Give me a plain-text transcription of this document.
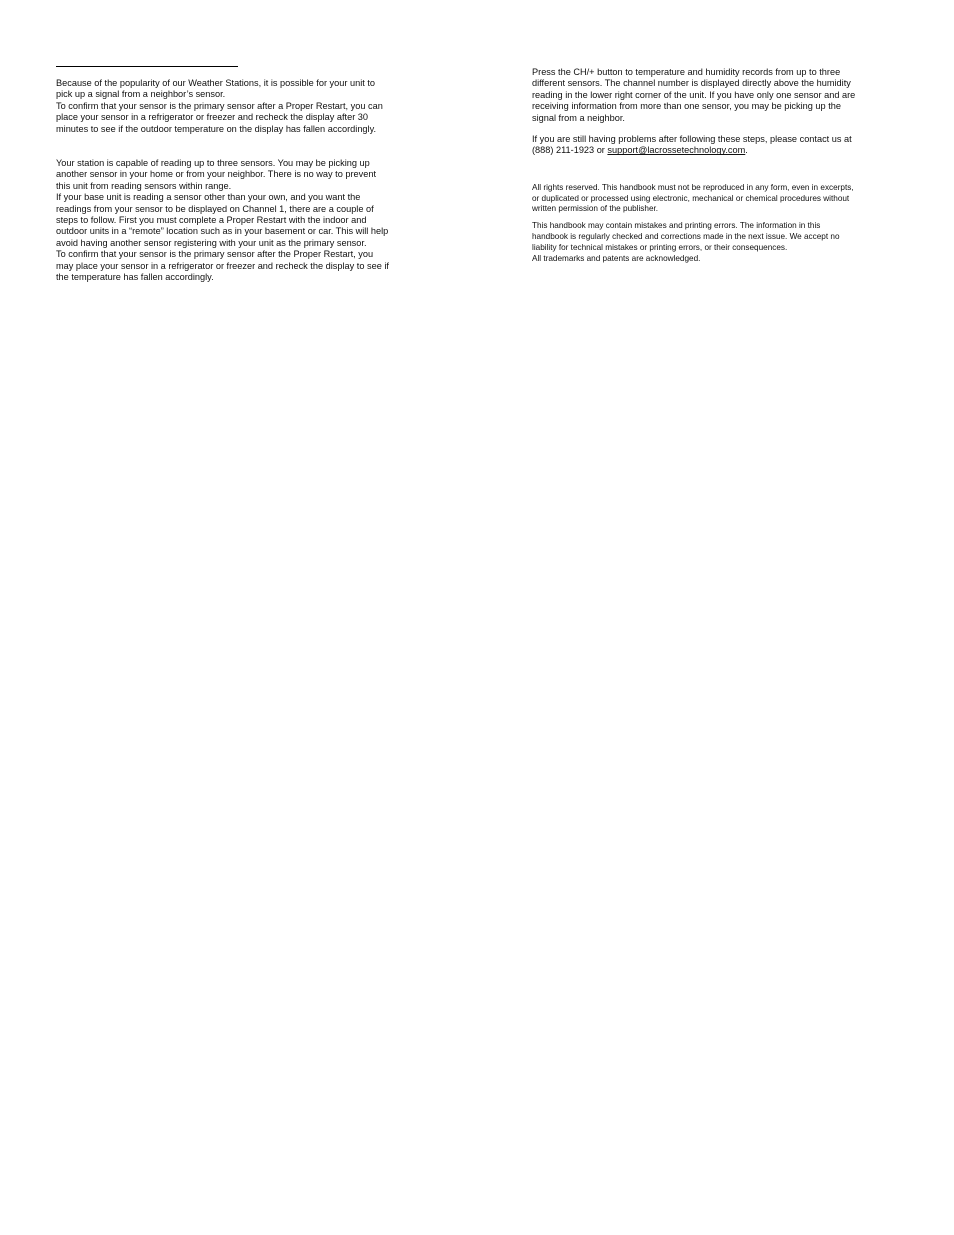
Because of the popularity of our Weather Stations, it is possible for your unit to
pick up a signal from a neighbor’s sensor.
To confirm that your sensor is the primary sensor after a Proper Restart, you can
place your sensor in a refrigerator or freezer and recheck the display after 30
minutes to see if the outdoor temperature on the display has fallen accordingly.

Your station is capable of reading up to three sensors. You may be picking up
another sensor in your home or from your neighbor. There is no way to prevent
this unit from reading sensors within range.
If your base unit is reading a sensor other than your own, and you want the
readings from your sensor to be displayed on Channel 1, there are a couple of
steps to follow. First you must complete a Proper Restart with the indoor and
outdoor units in a “remote” location such as in your basement or car. This will help
avoid having another sensor registering with your unit as the primary sensor.
To confirm that your sensor is the primary sensor after the Proper Restart, you
may place your sensor in a refrigerator or freezer and recheck the display to see if
the temperature has fallen accordingly.

Press the CH/+ button to temperature and humidity records from up to three
different sensors. The channel number is displayed directly above the humidity
reading in the lower right corner of the unit. If you have only one sensor and are
receiving information from more than one sensor, you may be picking up the
signal from a neighbor.

If you are still having problems after following these steps, please contact us at
(888) 211-1923 or support@lacrossetechnology.com.

All rights reserved. This handbook must not be reproduced in any form, even in excerpts,
or duplicated or processed using electronic, mechanical or chemical procedures without
written permission of the publisher.

This handbook may contain mistakes and printing errors. The information in this
handbook is regularly checked and corrections made in the next issue. We accept no
liability for technical mistakes or printing errors, or their consequences.
All trademarks and patents are acknowledged.
